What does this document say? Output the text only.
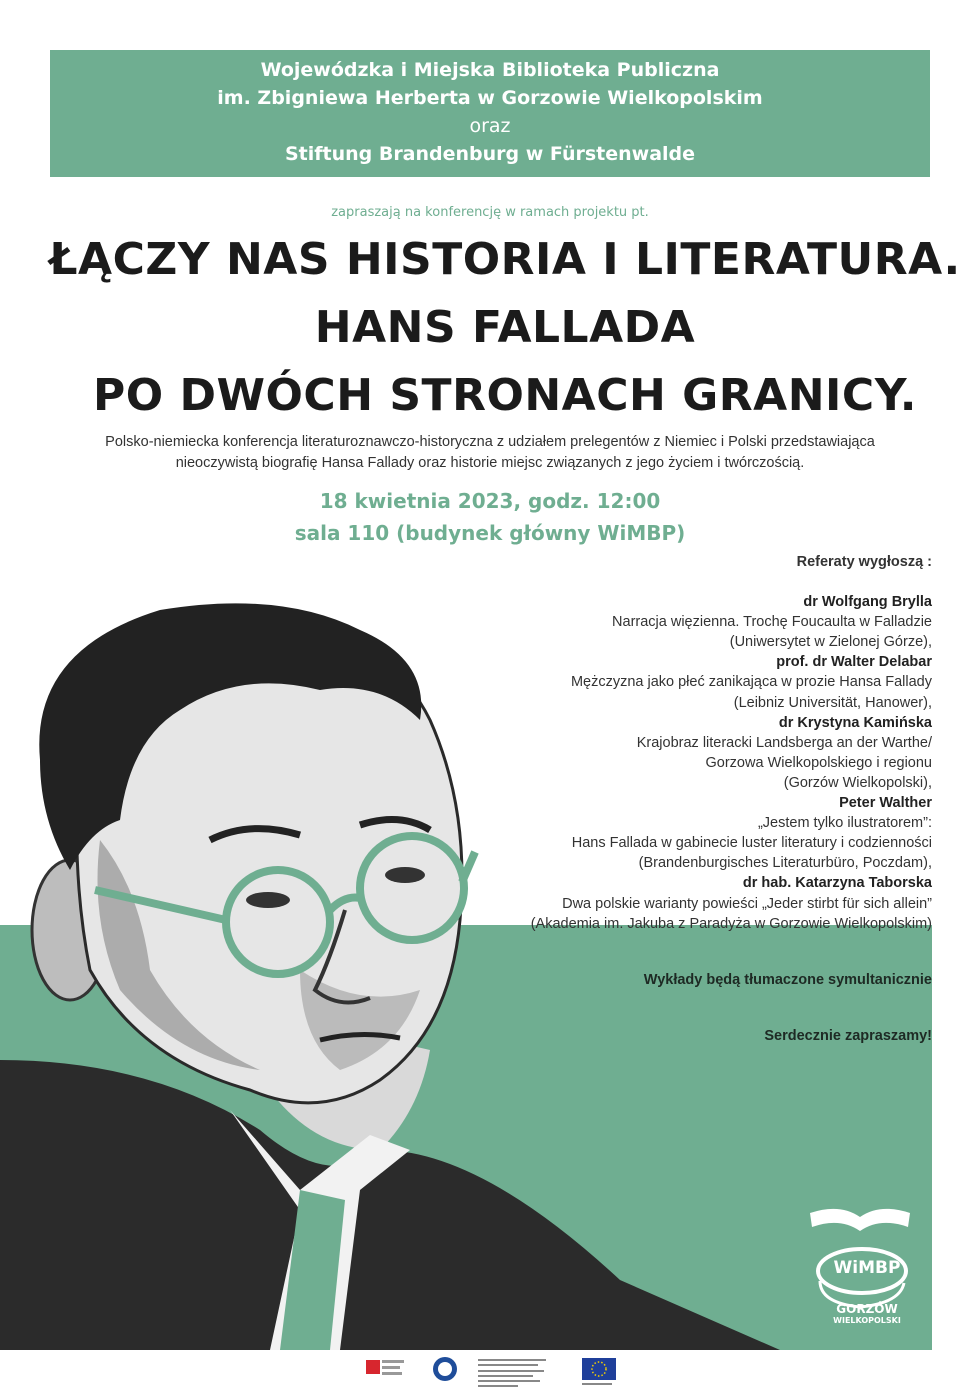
Wojewódzka i Miejska Biblioteka Publiczna
im. Zbigniewa Herberta w Gorzowie Wielkopolskim
oraz
Stiftung Brandenburg w Fürstenwalde
zapraszają na konferencję w ramach projektu pt.
ŁĄCZY NAS HISTORIA I LITERATURA.
HANS FALLADA
PO DWÓCH STRONACH GRANICY.
Polsko-niemiecka konferencja literaturoznawczo-historyczna z udziałem prelegentów z Niemiec i Polski przedstawiająca
nieoczywistą biografię Hansa Fallady oraz historie miejsc związanych z jego życiem i twórczością.
18 kwietnia 2023, godz. 12:00
sala 110 (budynek główny WiMBP)
Referaty wygłoszą :
dr Wolfgang Brylla
Narracja więzienna. Trochę Foucaulta w Falladzie
(Uniwersytet w Zielonej Górze),
prof. dr Walter Delabar
Mężczyzna jako płeć zanikająca w prozie Hansa Fallady
(Leibniz Universität, Hanower),
dr Krystyna Kamińska
Krajobraz literacki Landsberga an der Warthe/
Gorzowa Wielkopolskiego i regionu
(Gorzów Wielkopolski),
Peter Walther
„Jestem tylko ilustratorem”:
Hans Fallada w gabinecie luster literatury i codzienności
(Brandenburgisches Literaturbüro, Poczdam),
dr hab. Katarzyna Taborska
Dwa polskie warianty powieści „Jeder stirbt für sich allein”
(Akademia im. Jakuba z Paradyża w Gorzowie Wielkopolskim)
Wykłady będą tłumaczone symultanicznie
Serdecznie zapraszamy!
WiMBP
GORZÓW
WIELKOPOLSKI
